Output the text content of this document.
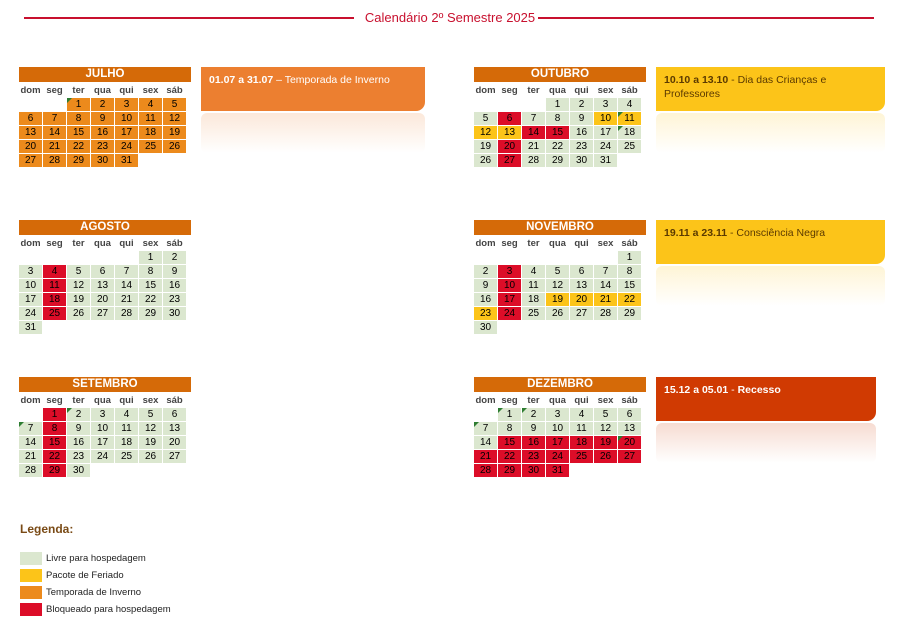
Calendário 2º Semestre 2025
JULHO
dom	seg	ter	qua	qui	sex	sáb
		1	2	3	4	5
6	7	8	9	10	11	12
13	14	15	16	17	18	19
20	21	22	23	24	25	26
27	28	29	30	31		
AGOSTO
dom	seg	ter	qua	qui	sex	sáb
					1	2
3	4	5	6	7	8	9
10	11	12	13	14	15	16
17	18	19	20	21	22	23
24	25	26	27	28	29	30
31						
SETEMBRO
dom	seg	ter	qua	qui	sex	sáb
	1	2	3	4	5	6
7	8	9	10	11	12	13
14	15	16	17	18	19	20
21	22	23	24	25	26	27
28	29	30				
OUTUBRO
dom	seg	ter	qua	qui	sex	sáb
			1	2	3	4
5	6	7	8	9	10	11
12	13	14	15	16	17	18
19	20	21	22	23	24	25
26	27	28	29	30	31	
NOVEMBRO
dom	seg	ter	qua	qui	sex	sáb
						1
2	3	4	5	6	7	8
9	10	11	12	13	14	15
16	17	18	19	20	21	22
23	24	25	26	27	28	29
30						
DEZEMBRO
dom	seg	ter	qua	qui	sex	sáb
	1	2	3	4	5	6
7	8	9	10	11	12	13
14	15	16	17	18	19	20
21	22	23	24	25	26	27
28	29	30	31			
01.07 a 31.07 – Temporada de Inverno	10.10 a 13.10 - Dia das Crianças e Professores
19.11 a 23.11 - Consciência Negra
15.12 a 05.01 - Recesso
Legenda:
Livre para hospedagem
Pacote de Feriado
Temporada de Inverno
Bloqueado para hospedagem
